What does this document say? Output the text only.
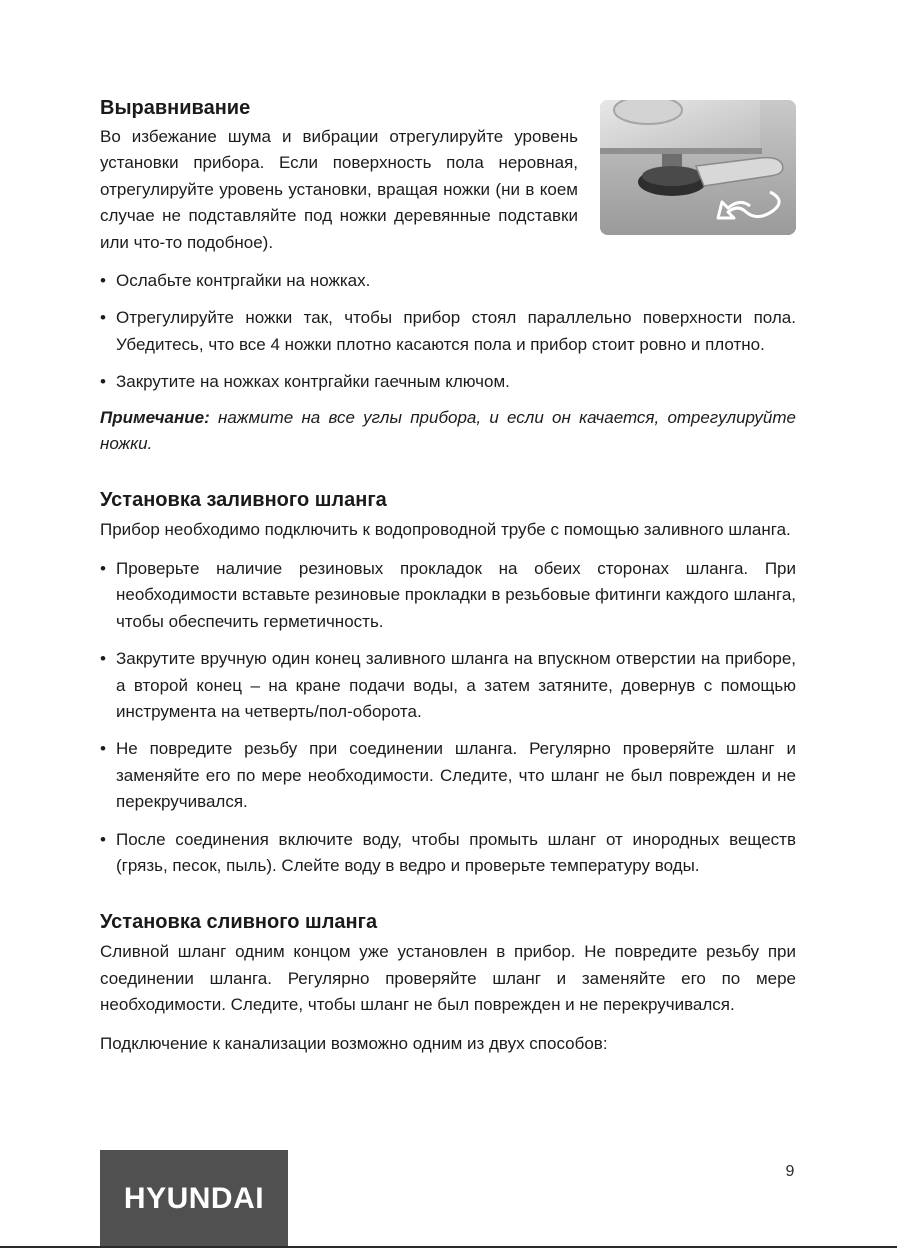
Выравнивание

Во избежание шума и вибрации отрегулируйте уровень установки прибора. Если поверхность пола неровная, отрегулируйте уровень установки, вращая ножки (ни в коем случае не подставляйте под ножки деревянные подставки или что-то подобное).

• Ослабьте контргайки на ножках.
• Отрегулируйте ножки так, чтобы прибор стоял параллельно поверхности пола. Убедитесь, что все 4 ножки плотно касаются пола и прибор стоит ровно и плотно.
• Закрутите на ножках контргайки гаечным ключом.

Примечание: нажмите на все углы прибора, и если он качается, отрегулируйте ножки.

Установка заливного шланга

Прибор необходимо подключить к водопроводной трубе с помощью заливного шланга.

• Проверьте наличие резиновых прокладок на обеих сторонах шланга. При необходимости вставьте резиновые прокладки в резьбовые фитинги каждого шланга, чтобы обеспечить герметичность.
• Закрутите вручную один конец заливного шланга на впускном отверстии на приборе, а второй конец – на кране подачи воды, а затем затяните, довернув с помощью инструмента на четверть/пол-оборота.
• Не повредите резьбу при соединении шланга. Регулярно проверяйте шланг и заменяйте его по мере необходимости. Следите, что шланг не был поврежден и не перекручивался.
• После соединения включите воду, чтобы промыть шланг от инородных веществ (грязь, песок, пыль). Слейте воду в ведро и проверьте температуру воды.
Установка сливного шланга

Сливной шланг одним концом уже установлен в прибор. Не повредите резьбу при соединении шланга. Регулярно проверяйте шланг и заменяйте его по мере необходимости. Следите, чтобы шланг не был поврежден и не перекручивался.

Подключение к канализации возможно одним из двух способов:

HYUNDAI
9
